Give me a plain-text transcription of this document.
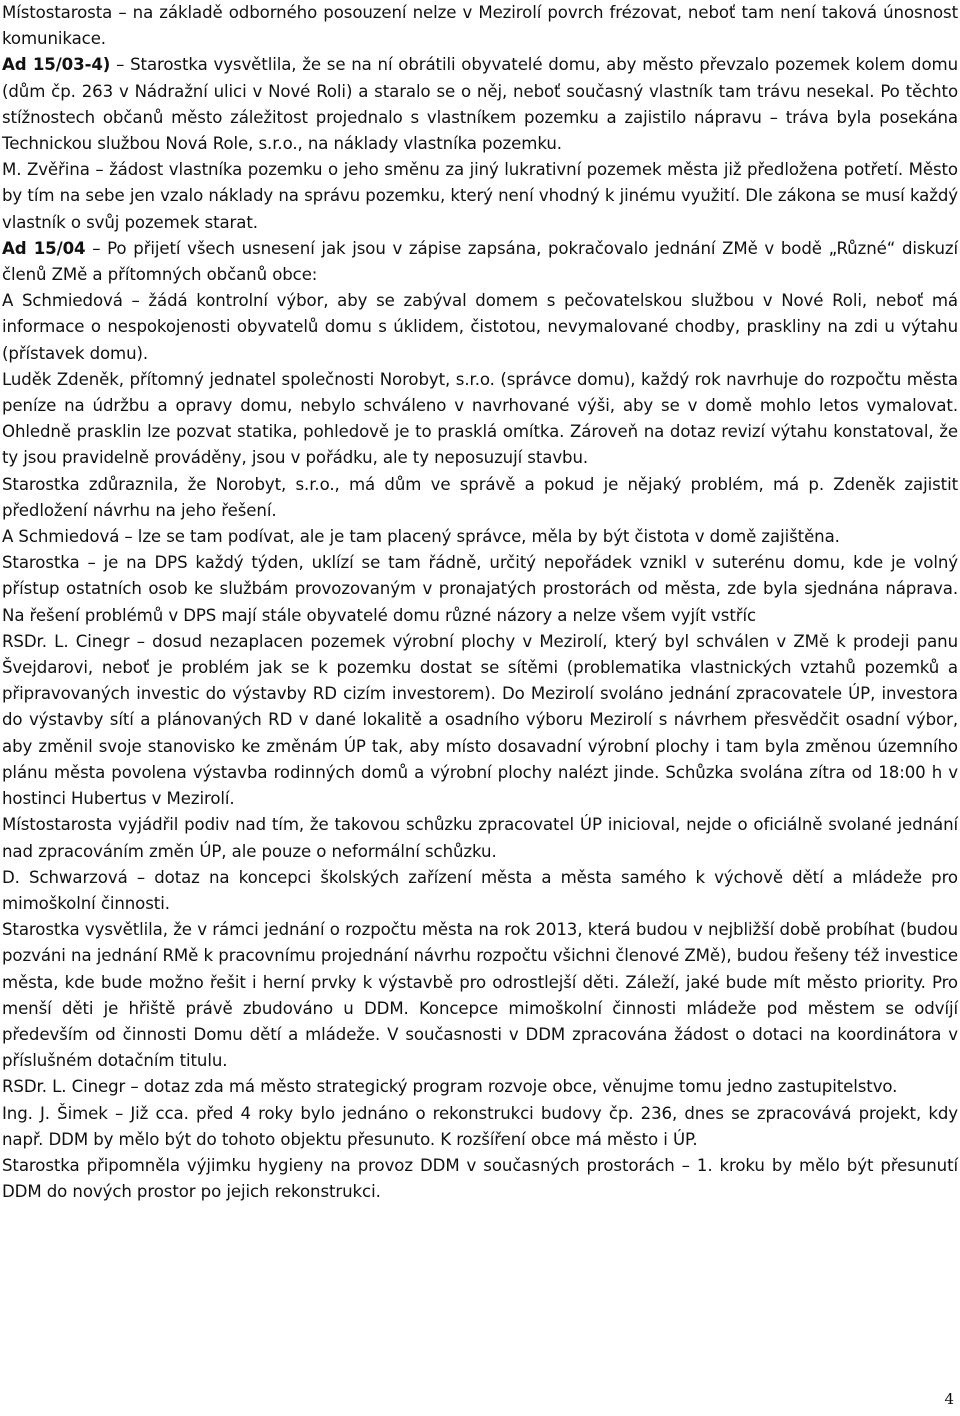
Místostarosta – na základě odborného posouzení nelze v Mezirolí povrch frézovat, neboť tam není taková únosnost komunikace.

Ad 15/03-4) – Starostka vysvětlila, že se na ní obrátili obyvatelé domu, aby město převzalo pozemek kolem domu (dům čp. 263 v Nádražní ulici v Nové Roli) a staralo se o něj, neboť současný vlastník tam trávu nesekal. Po těchto stížnostech občanů město záležitost projednalo s vlastníkem pozemku a zajistilo nápravu – tráva byla posekána Technickou službou Nová Role, s.r.o., na náklady vlastníka pozemku.

M. Zvěřina – žádost vlastníka pozemku o jeho směnu za jiný lukrativní pozemek města již předložena potřetí. Město by tím na sebe jen vzalo náklady na správu pozemku, který není vhodný k jinému využití. Dle zákona se musí každý vlastník o svůj pozemek starat.

Ad 15/04 – Po přijetí všech usnesení jak jsou v zápise zapsána, pokračovalo jednání ZMě v bodě „Různé“ diskuzí členů ZMě a přítomných občanů obce:

A Schmiedová – žádá kontrolní výbor, aby se zabýval domem s pečovatelskou službou v Nové Roli, neboť má informace o nespokojenosti obyvatelů domu s úklidem, čistotou, nevymalované chodby, praskliny na zdi u výtahu (přístavek domu).

Luděk Zdeněk, přítomný jednatel společnosti Norobyt, s.r.o. (správce domu), každý rok navrhuje do rozpočtu města peníze na údržbu a opravy domu, nebylo schváleno v navrhované výši, aby se v domě mohlo letos vymalovat. Ohledně prasklin lze pozvat statika, pohledově je to prasklá omítka. Zároveň na dotaz revizí výtahu konstatoval, že ty jsou pravidelně prováděny, jsou v pořádku, ale ty neposuzují stavbu.

Starostka zdůraznila, že Norobyt, s.r.o., má dům ve správě a pokud je nějaký problém, má p. Zdeněk zajistit předložení návrhu na jeho řešení.

A Schmiedová – lze se tam podívat, ale je tam placený správce, měla by být čistota v domě zajištěna.

Starostka – je na DPS každý týden, uklízí se tam řádně, určitý nepořádek vznikl v suterénu domu, kde je volný přístup ostatních osob ke službám provozovaným v pronajatých prostorách od města, zde byla sjednána náprava. Na řešení problémů v DPS mají stále obyvatelé domu různé názory a nelze všem vyjít vstříc

RSDr. L. Cinegr – dosud nezaplacen pozemek výrobní plochy v Mezirolí, který byl schválen v ZMě k prodeji panu Švejdarovi, neboť je problém jak se k pozemku dostat se sítěmi (problematika vlastnických vztahů pozemků a připravovaných investic do výstavby RD cizím investorem). Do Mezirolí svoláno jednání zpracovatele ÚP, investora do výstavby sítí a plánovaných RD v dané lokalitě a osadního výboru Mezirolí s návrhem přesvědčit osadní výbor, aby změnil svoje stanovisko ke změnám ÚP tak, aby místo dosavadní výrobní plochy i tam byla změnou územního plánu města povolena výstavba rodinných domů a výrobní plochy nalézt jinde. Schůzka svolána zítra od 18:00 h v hostinci Hubertus v Mezirolí.

Místostarosta vyjádřil podiv nad tím, že takovou schůzku zpracovatel ÚP inicioval, nejde o oficiálně svolané jednání nad zpracováním změn ÚP, ale pouze o neformální schůzku.

D. Schwarzová – dotaz na koncepci školských zařízení města a města samého k výchově dětí a mládeže pro mimoškolní činnosti.

Starostka vysvětlila, že v rámci jednání o rozpočtu města na rok 2013, která budou v nejbližší době probíhat (budou pozváni na jednání RMě k pracovnímu projednání návrhu rozpočtu všichni členové ZMě), budou řešeny též investice města, kde bude možno řešit i herní prvky k výstavbě pro odrostlejší děti. Záleží, jaké bude mít město priority. Pro menší děti je hřiště právě zbudováno u DDM. Koncepce mimoškolní činnosti mládeže pod městem se odvíjí především od činnosti Domu dětí a mládeže. V současnosti v DDM zpracována žádost o dotaci na koordinátora v příslušném dotačním titulu.

RSDr. L. Cinegr – dotaz zda má město strategický program rozvoje obce, věnujme tomu jedno zastupitelstvo.

Ing. J. Šimek – Již cca. před 4 roky bylo jednáno o rekonstrukci budovy čp. 236, dnes se zpracovává projekt, kdy např. DDM by mělo být do tohoto objektu přesunuto. K rozšíření obce má město i ÚP.

Starostka připomněla výjimku hygieny na provoz DDM v současných prostorách – 1. kroku by mělo být přesunutí DDM do nových prostor po jejich rekonstrukci.

4
